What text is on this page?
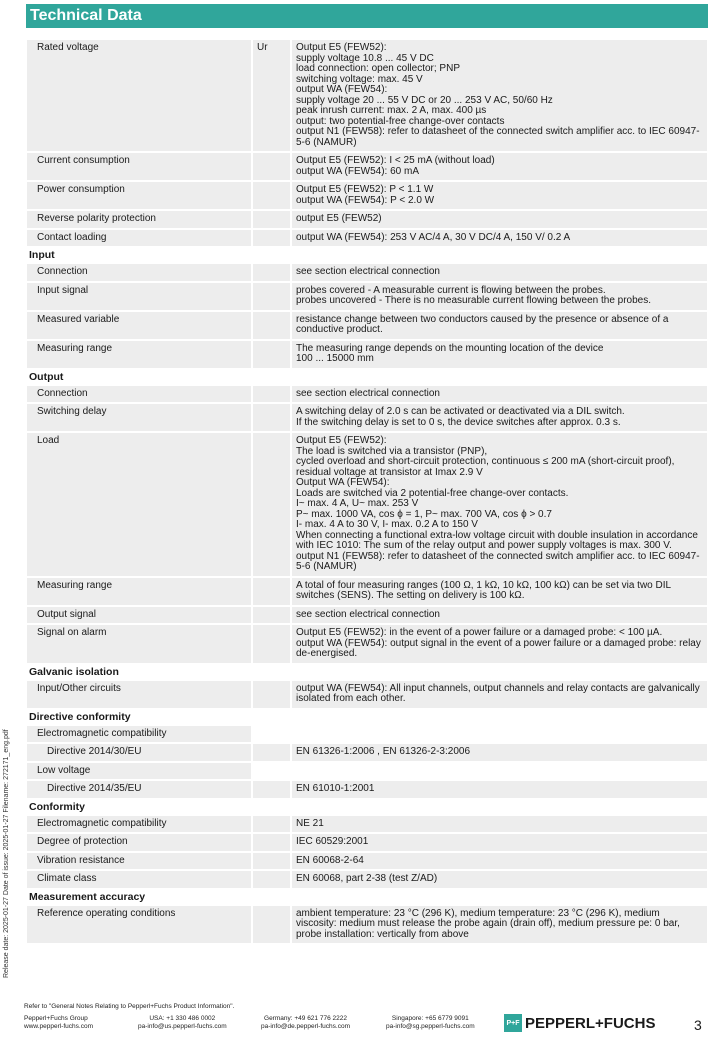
Technical Data
Release date: 2025-01-27 Date of issue: 2025-01-27 Filename: 272171_eng.pdf
Rated voltage	Ur	Output E5 (FEW52):
supply voltage 10.8 ... 45 V DC
load connection: open collector; PNP
switching voltage: max. 45 V
output WA (FEW54):
supply voltage 20 ... 55 V DC or 20 ... 253 V AC, 50/60 Hz
peak inrush current: max. 2 A, max. 400 µs
output: two potential-free change-over contacts
output N1 (FEW58): refer to datasheet of the connected switch amplifier acc. to IEC 60947-5-6 (NAMUR)
Current consumption	Output E5 (FEW52): I < 25 mA (without load)
output WA (FEW54): 60 mA
Power consumption	Output E5 (FEW52): P < 1.1 W
output WA (FEW54): P < 2.0 W
Reverse polarity protection	output E5 (FEW52)
Contact loading	output WA (FEW54): 253 V AC/4 A, 30 V DC/4 A, 150 V/ 0.2 A
Input
Connection	see section electrical connection
Input signal	probes covered - A measurable current is flowing between the probes.
probes uncovered - There is no measurable current flowing between the probes.
Measured variable	resistance change between two conductors caused by the presence or absence of a conductive product.
Measuring range	The measuring range depends on the mounting location of the device
100 ... 15000 mm
Output
Connection	see section electrical connection
Switching delay	A switching delay of 2.0 s can be activated or deactivated via a DIL switch.
If the switching delay is set to 0 s, the device switches after approx. 0.3 s.
Load	Output E5 (FEW52):
The load is switched via a transistor (PNP),
cycled overload and short-circuit protection, continuous ≤ 200 mA (short-circuit proof), residual voltage at transistor at Imax 2.9 V
Output WA (FEW54):
Loads are switched via 2 potential-free change-over contacts.
I~ max. 4 A, U~ max. 253 V
P~ max. 1000 VA, cos ϕ = 1, P~ max. 700 VA, cos ϕ > 0.7
I- max. 4 A to 30 V, I- max. 0.2 A to 150 V
When connecting a functional extra-low voltage circuit with double insulation in accordance with IEC 1010: The sum of the relay output and power supply voltages is max. 300 V.
output N1 (FEW58): refer to datasheet of the connected switch amplifier acc. to IEC 60947-5-6 (NAMUR)
Measuring range	A total of four measuring ranges (100 Ω, 1 kΩ, 10 kΩ, 100 kΩ) can be set via two DIL switches (SENS). The setting on delivery is 100 kΩ.
Output signal	see section electrical connection
Signal on alarm	Output E5 (FEW52): in the event of a power failure or a damaged probe: < 100 µA.
output WA (FEW54): output signal in the event of a power failure or a damaged probe: relay de-energised.
Galvanic isolation
Input/Other circuits	output WA (FEW54): All input channels, output channels and relay contacts are galvanically isolated from each other.
Directive conformity
Electromagnetic compatibility

Directive 2014/30/EU	EN 61326-1:2006 , EN 61326-2-3:2006
Low voltage

Directive 2014/35/EU	EN 61010-1:2001
Conformity
Electromagnetic compatibility	NE 21
Degree of protection	IEC 60529:2001
Vibration resistance	EN 60068-2-64
Climate class	EN 60068, part 2-38 (test Z/AD)
Measurement accuracy
Reference operating conditions	ambient temperature: 23 °C (296 K), medium temperature: 23 °C (296 K), medium viscosity: medium must release the probe again (drain off), medium pressure pe: 0 bar,
probe installation: vertically from above
Refer to "General Notes Relating to Pepperl+Fuchs Product Information".
Pepperl+Fuchs Group
www.pepperl-fuchs.com
USA: +1 330 486 0002
pa-info@us.pepperl-fuchs.com
Germany: +49 621 776 2222
pa-info@de.pepperl-fuchs.com
Singapore: +65 6779 9091
pa-info@sg.pepperl-fuchs.com	P+F PEPPERL+FUCHS	3
